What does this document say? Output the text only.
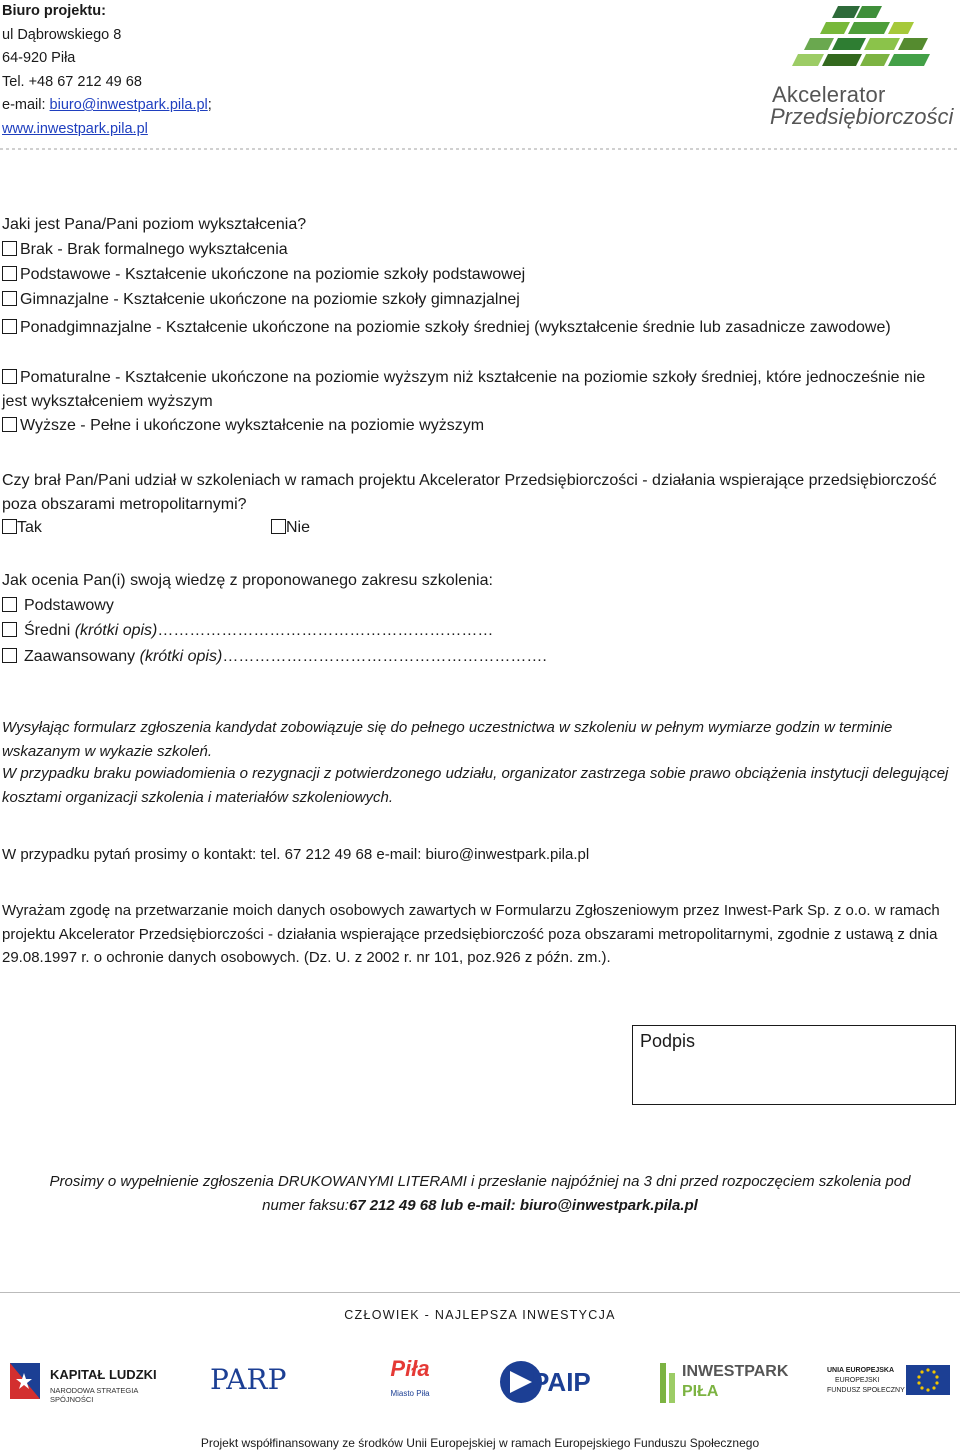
Biuro projektu:
ul Dąbrowskiego 8
64-920 Piła
Tel. +48 67 212 49 68
e-mail: biuro@inwestpark.pila.pl;
www.inwestpark.pila.pl
Akcelerator
Przedsiębiorczości
Jaki jest Pana/Pani poziom wykształcenia?
Brak - Brak formalnego wykształcenia
Podstawowe - Kształcenie ukończone na poziomie szkoły podstawowej
Gimnazjalne - Kształcenie ukończone na poziomie szkoły gimnazjalnej
Ponadgimnazjalne - Kształcenie ukończone na poziomie szkoły średniej (wykształcenie średnie lub zasadnicze zawodowe)
Pomaturalne - Kształcenie ukończone na poziomie wyższym niż kształcenie na poziomie szkoły średniej, które jednocześnie nie jest wykształceniem wyższym
Wyższe - Pełne i ukończone wykształcenie na poziomie wyższym
Czy brał Pan/Pani udział w szkoleniach w ramach projektu Akcelerator Przedsiębiorczości - działania wspierające przedsiębiorczość poza obszarami metropolitarnymi?
Tak	Nie
Jak ocenia Pan(i) swoją wiedzę z proponowanego zakresu szkolenia:
Podstawowy
Średni (krótki opis)………………………………………………………
Zaawansowany (krótki opis)…………………………………………………….
Wysyłając formularz zgłoszenia kandydat zobowiązuje się do pełnego uczestnictwa w szkoleniu w pełnym wymiarze godzin w terminie wskazanym w wykazie szkoleń.
W przypadku braku powiadomienia o rezygnacji z potwierdzonego udziału, organizator zastrzega sobie prawo obciążenia instytucji delegującej kosztami organizacji szkolenia i materiałów szkoleniowych.
W przypadku pytań prosimy o kontakt: tel. 67 212 49 68 e-mail: biuro@inwestpark.pila.pl
Wyrażam zgodę na przetwarzanie moich danych osobowych zawartych w Formularzu Zgłoszeniowym przez Inwest-Park Sp. z o.o. w ramach projektu Akcelerator Przedsiębiorczości - działania wspierające przedsiębiorczość poza obszarami metropolitarnymi, zgodnie z ustawą z dnia 29.08.1997 r. o ochronie danych osobowych. (Dz. U. z 2002 r. nr 101, poz.926 z późn. zm.).
Podpis
Prosimy o wypełnienie zgłoszenia DRUKOWANYMI LITERAMI i przesłanie najpóźniej na 3 dni przed rozpoczęciem szkolenia pod
numer faksu:67 212 49 68 lub e-mail: biuro@inwestpark.pila.pl
CZŁOWIEK - NAJLEPSZA INWESTYCJA
KAPITAŁ LUDZKI
NARODOWA STRATEGIA SPÓJNOŚCI
PARP	Piła
Miasto Piła	PAIP	INWESTPARK
PIŁA
UNIA EUROPEJSKA
EUROPEJSKI
FUNDUSZ SPOŁECZNY
Projekt współfinansowany ze środków Unii Europejskiej w ramach Europejskiego Funduszu Społecznego
